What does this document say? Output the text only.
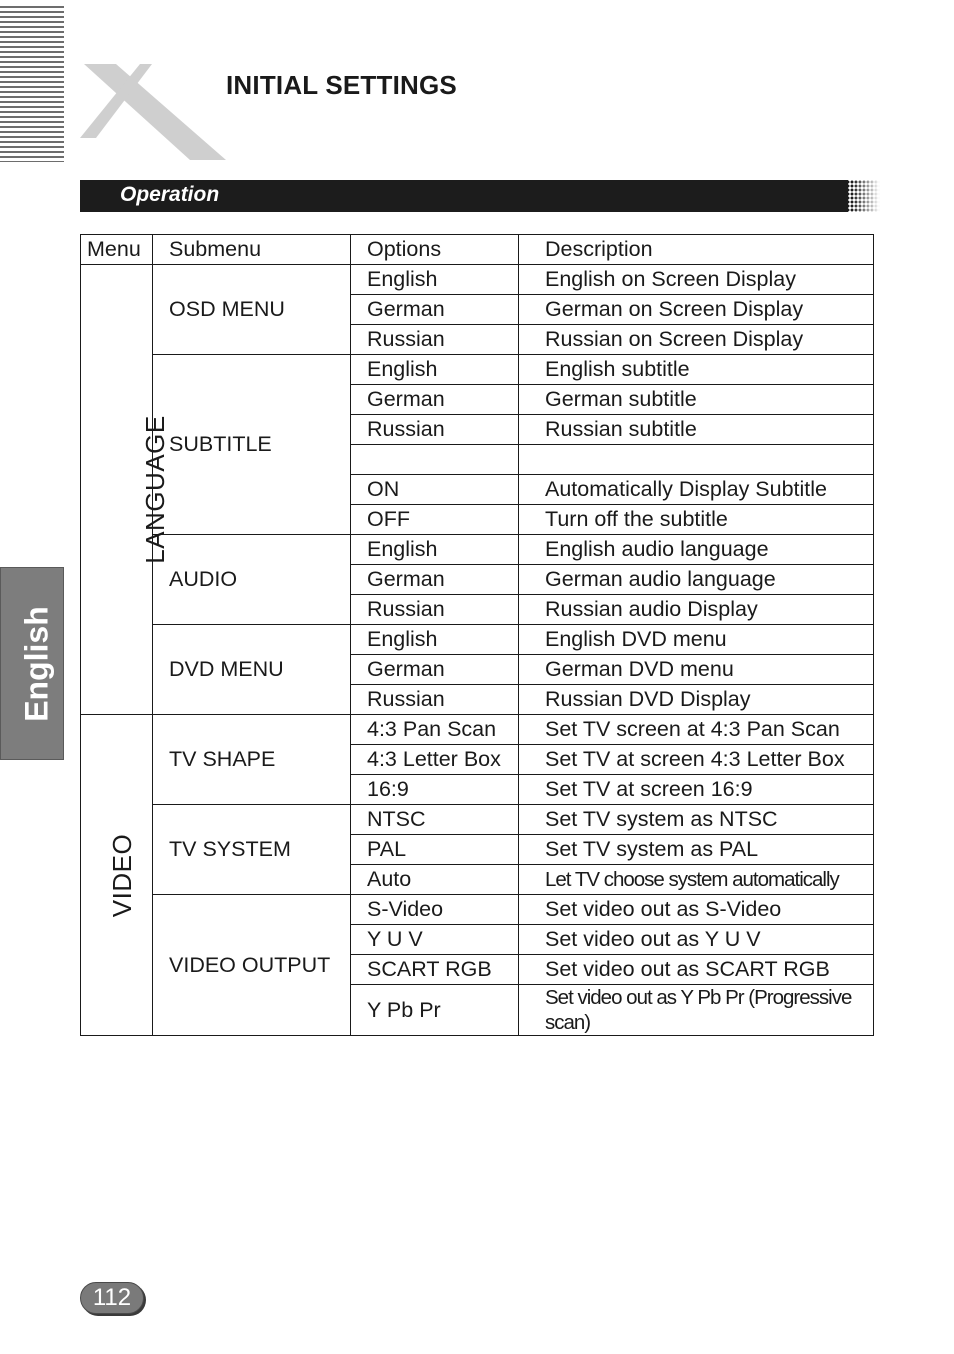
INITIAL SETTINGS
Operation
English
Menu	Submenu	Options	Description
LANGUAGE	OSD MENU	English	English on Screen Display
		German	German on Screen Display
		Russian	Russian on Screen Display
	SUBTITLE	English	English subtitle
		German	German subtitle
		Russian	Russian subtitle

		ON	Automatically Display Subtitle
		OFF	Turn off the subtitle
	AUDIO	English	English audio language
		German	German audio language
		Russian	Russian audio Display
	DVD MENU	English	English DVD menu
		German	German DVD menu
		Russian	Russian DVD Display
VIDEO	TV SHAPE	4:3 Pan Scan	Set TV screen at 4:3 Pan Scan
		4:3 Letter Box	Set TV at screen 4:3 Letter Box
		16:9	Set TV at screen 16:9
	TV SYSTEM	NTSC	Set TV system as NTSC
		PAL	Set TV system as PAL
		Auto	Let TV choose system automatically
	VIDEO OUTPUT	S-Video	Set video out as S-Video
		Y U V	Set video out as Y U V
		SCART RGB	Set video out as SCART RGB
		Y Pb Pr	Set video out as Y Pb Pr (Progressive scan)
112
